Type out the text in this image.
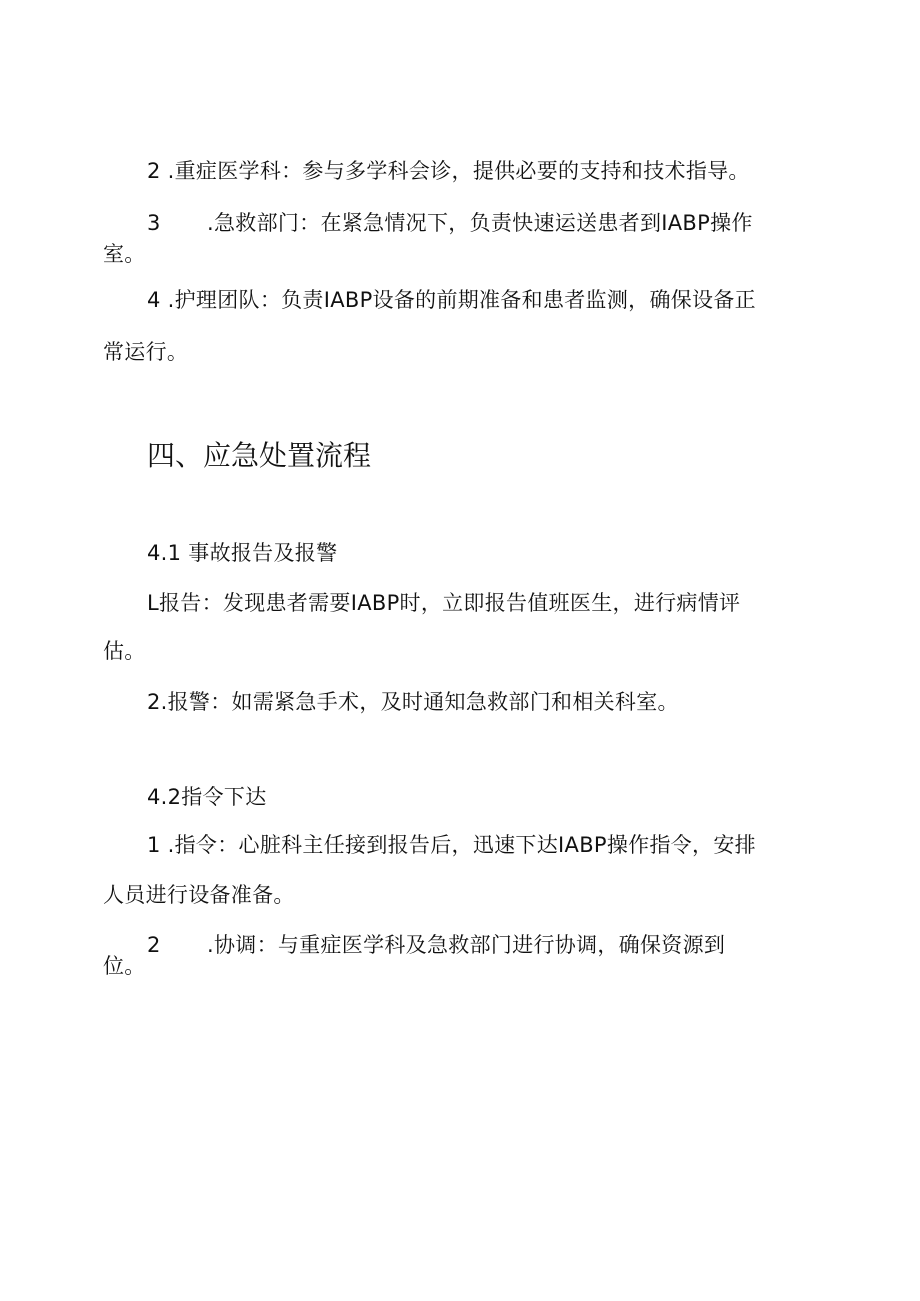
2 .重症医学科：参与多学科会诊，提供必要的支持和技术指导。
3 .急救部门：在紧急情况下，负责快速运送患者到IABP操作
室。
4 .护理团队：负责IABP设备的前期准备和患者监测，确保设备正
常运行。
四、应急处置流程
4.1 事故报告及报警
L报告：发现患者需要IABP时，立即报告值班医生，进行病情评
估。
2.报警：如需紧急手术，及时通知急救部门和相关科室。
4.2指令下达
1 .指令：心脏科主任接到报告后，迅速下达IABP操作指令，安排
人员进行设备准备。
2 .协调：与重症医学科及急救部门进行协调，确保资源到
位。
